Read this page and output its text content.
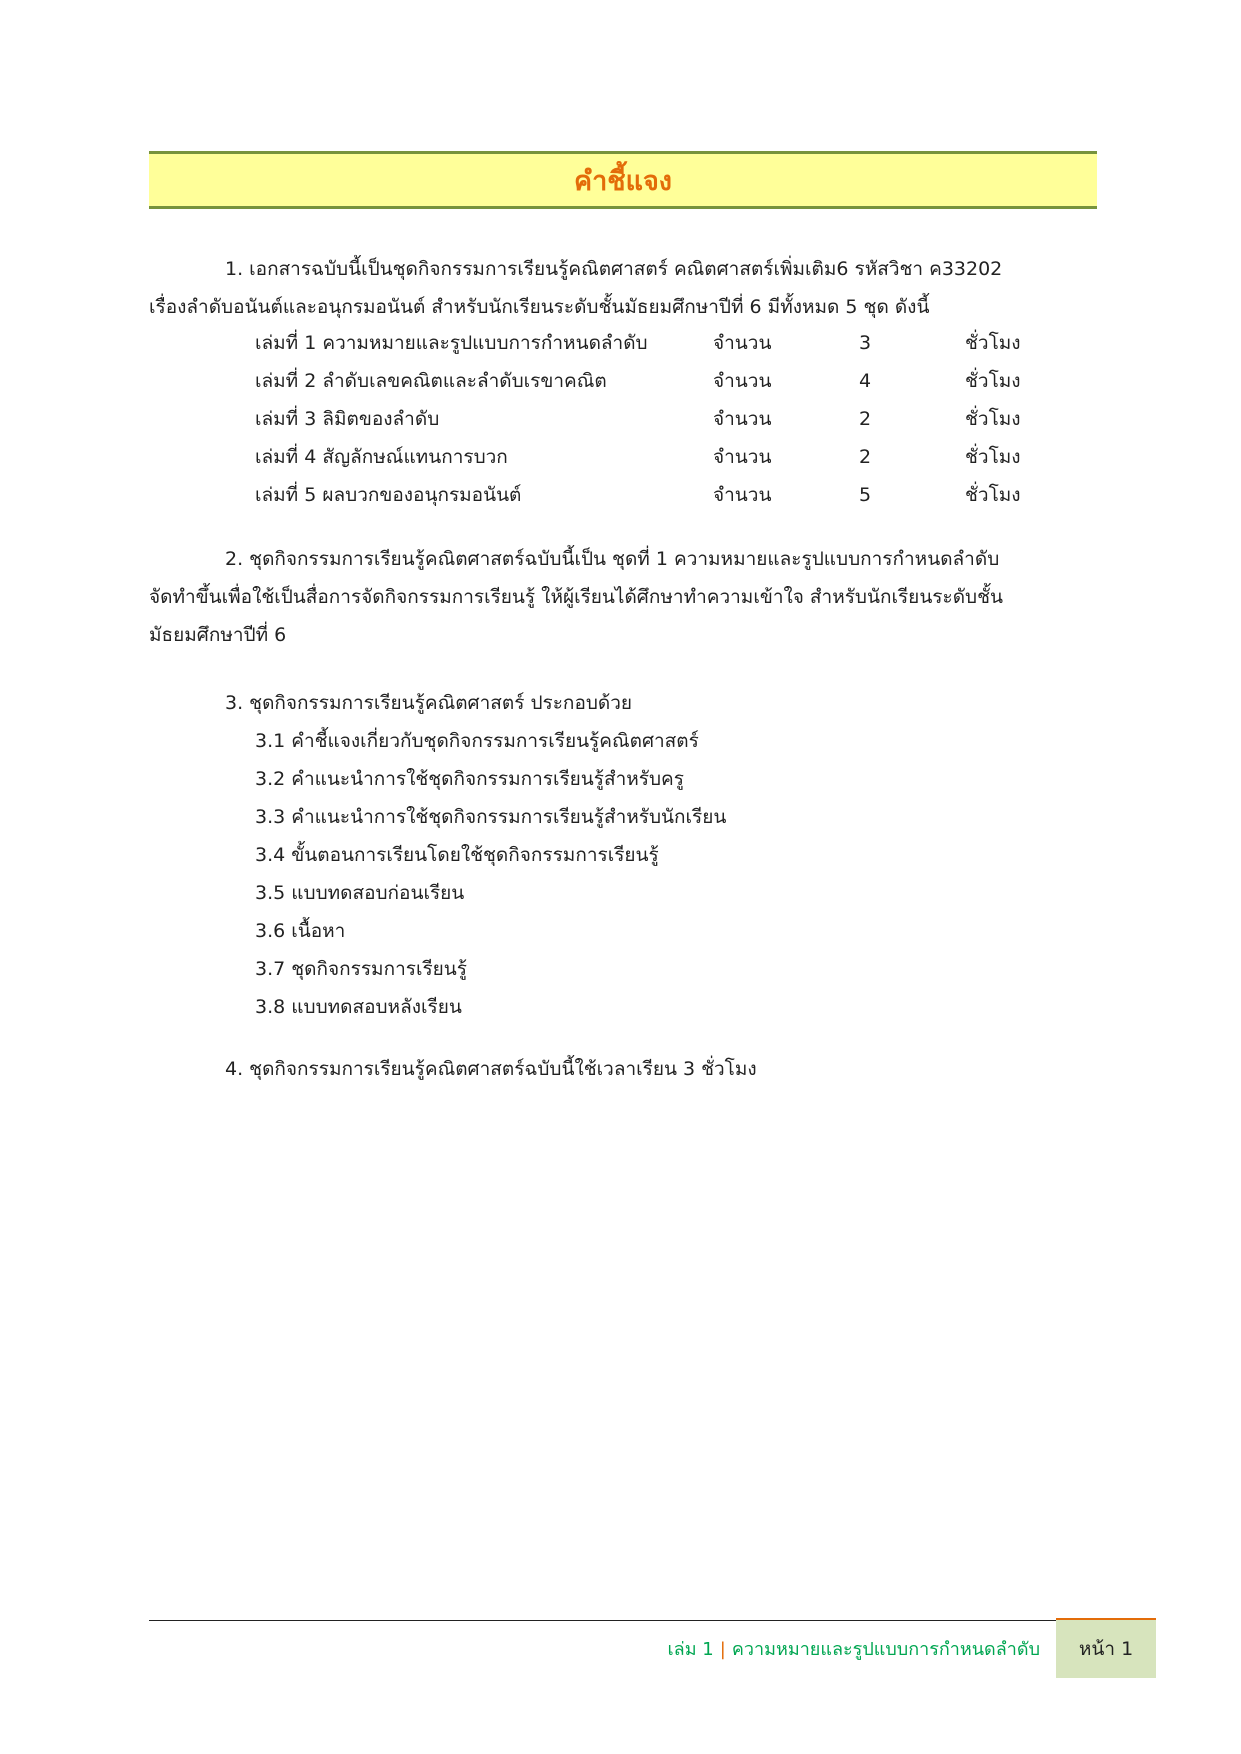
คำชี้แจง
1. เอกสารฉบับนี้เป็นชุดกิจกรรมการเรียนรู้คณิตศาสตร์ คณิตศาสตร์เพิ่มเติม6 รหัสวิชา ค33202
เรื่องลำดับอนันต์และอนุกรมอนันต์ สำหรับนักเรียนระดับชั้นมัธยมศึกษาปีที่ 6 มีทั้งหมด 5 ชุด ดังนี้
เล่มที่ 1 ความหมายและรูปแบบการกำหนดลำดับ	จำนวน	3	ชั่วโมง
เล่มที่ 2 ลำดับเลขคณิตและลำดับเรขาคณิต	จำนวน	4	ชั่วโมง
เล่มที่ 3 ลิมิตของลำดับ	จำนวน	2	ชั่วโมง
เล่มที่ 4 สัญลักษณ์แทนการบวก	จำนวน	2	ชั่วโมง
เล่มที่ 5 ผลบวกของอนุกรมอนันต์	จำนวน	5	ชั่วโมง
2. ชุดกิจกรรมการเรียนรู้คณิตศาสตร์ฉบับนี้เป็น ชุดที่ 1 ความหมายและรูปแบบการกำหนดลำดับ
จัดทำขึ้นเพื่อใช้เป็นสื่อการจัดกิจกรรมการเรียนรู้ ให้ผู้เรียนได้ศึกษาทำความเข้าใจ สำหรับนักเรียนระดับชั้น
มัธยมศึกษาปีที่ 6
3. ชุดกิจกรรมการเรียนรู้คณิตศาสตร์ ประกอบด้วย
3.1 คำชี้แจงเกี่ยวกับชุดกิจกรรมการเรียนรู้คณิตศาสตร์
3.2 คำแนะนำการใช้ชุดกิจกรรมการเรียนรู้สำหรับครู
3.3 คำแนะนำการใช้ชุดกิจกรรมการเรียนรู้สำหรับนักเรียน
3.4 ขั้นตอนการเรียนโดยใช้ชุดกิจกรรมการเรียนรู้
3.5 แบบทดสอบก่อนเรียน
3.6 เนื้อหา
3.7 ชุดกิจกรรมการเรียนรู้
3.8 แบบทดสอบหลังเรียน
4. ชุดกิจกรรมการเรียนรู้คณิตศาสตร์ฉบับนี้ใช้เวลาเรียน 3 ชั่วโมง
เล่ม 1 | ความหมายและรูปแบบการกำหนดลำดับ หน้า 1
